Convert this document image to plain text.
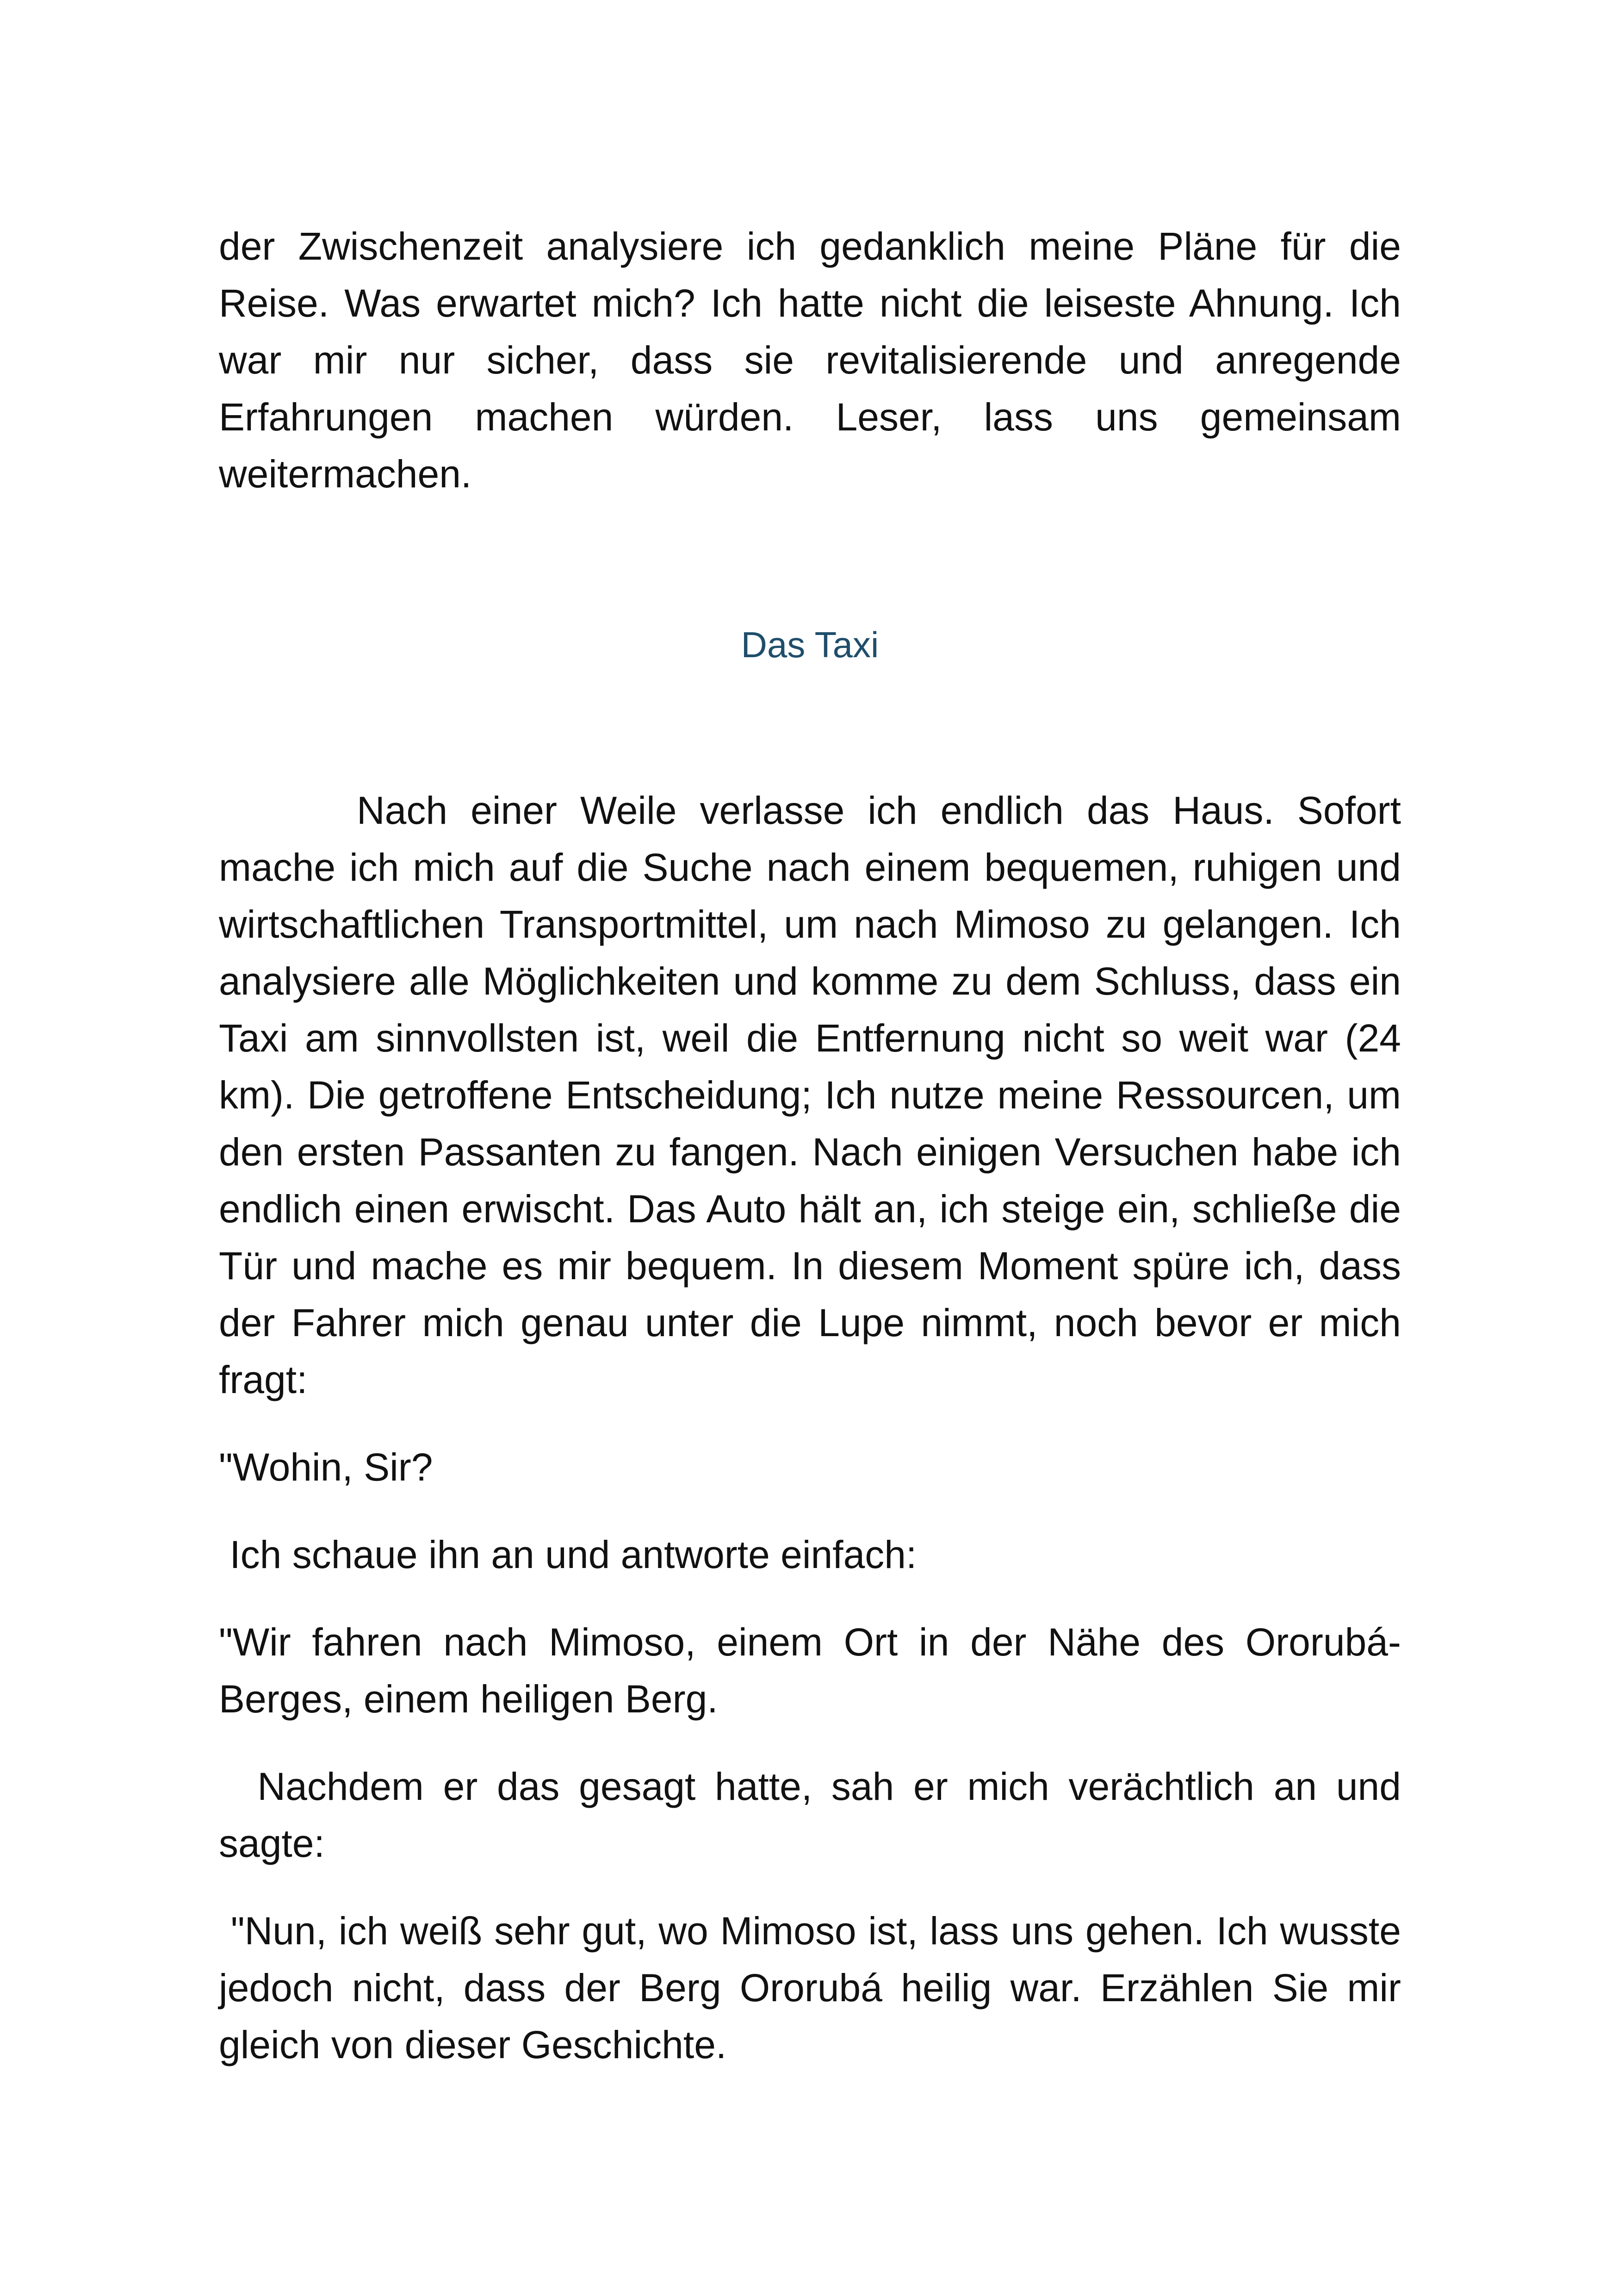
der Zwischenzeit analysiere ich gedanklich meine Pläne für die Reise. Was erwartet mich? Ich hatte nicht die leiseste Ahnung. Ich war mir nur sicher, dass sie revitalisierende und anregende Erfahrungen machen würden. Leser, lass uns gemeinsam weitermachen.

Das Taxi

Nach einer Weile verlasse ich endlich das Haus. Sofort mache ich mich auf die Suche nach einem bequemen, ruhigen und wirtschaftlichen Transportmittel, um nach Mimoso zu gelangen. Ich analysiere alle Möglichkeiten und komme zu dem Schluss, dass ein Taxi am sinnvollsten ist, weil die Entfernung nicht so weit war (24 km). Die getroffene Entscheidung; Ich nutze meine Ressourcen, um den ersten Passanten zu fangen. Nach einigen Versuchen habe ich endlich einen erwischt. Das Auto hält an, ich steige ein, schließe die Tür und mache es mir bequem. In diesem Moment spüre ich, dass der Fahrer mich genau unter die Lupe nimmt, noch bevor er mich fragt:

"Wohin, Sir?

Ich schaue ihn an und antworte einfach:

"Wir fahren nach Mimoso, einem Ort in der Nähe des Ororubá-Berges, einem heiligen Berg.

Nachdem er das gesagt hatte, sah er mich verächtlich an und sagte:

"Nun, ich weiß sehr gut, wo Mimoso ist, lass uns gehen. Ich wusste jedoch nicht, dass der Berg Ororubá heilig war. Erzählen Sie mir gleich von dieser Geschichte.
